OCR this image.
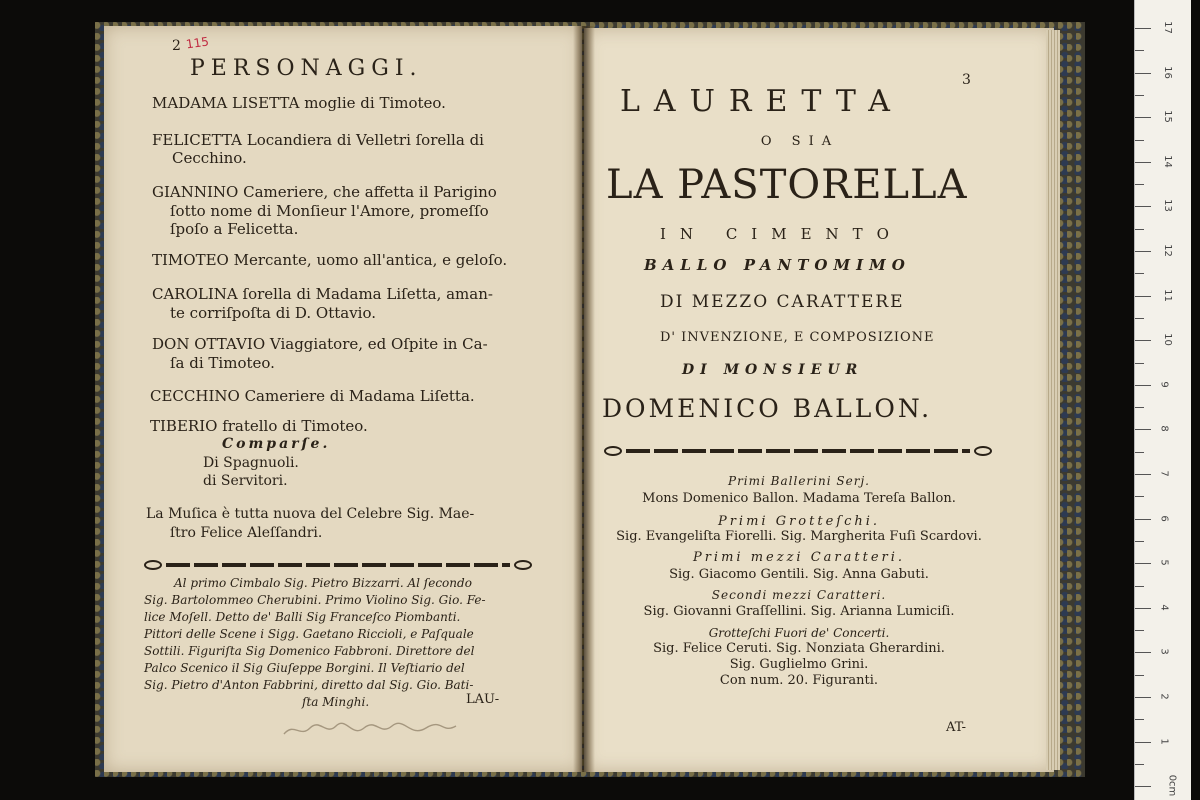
2 115
PERSONAGGI.
MADAMA LISETTA moglie di Timoteo.
FELICETTA Locandiera di Velletri ſorella di
Cecchino.
GIANNINO Cameriere, che affetta il Parigino
ſotto nome di Monſieur l'Amore, promeſſo
ſpoſo a Felicetta.
TIMOTEO Mercante, uomo all'antica, e geloſo.
CAROLINA ſorella di Madama Liſetta, aman-
te corriſpoſta di D. Ottavio.
DON OTTAVIO Viaggiatore, ed Oſpite in Ca-
ſa di Timoteo.
CECCHINO Cameriere di Madama Liſetta.
TIBERIO fratello di Timoteo.
Comparſe.
Di Spagnuoli.
di Servitori.
La Muſica è tutta nuova del Celebre Sig. Mae-
ſtro Felice Aleſſandri.
Al primo Cimbalo Sig. Pietro Bizzarri. Al ſecondo
Sig. Bartolommeo Cherubini. Primo Violino Sig. Gio. Fe-
lice Moſell. Detto de' Balli Sig Franceſco Piombanti.
Pittori delle Scene i Sigg. Gaetano Riccioli, e Paſquale
Sottili. Figuriſta Sig Domenico Fabbroni. Direttore del
Palco Scenico il Sig Giuſeppe Borgini. Il Veſtiario del
Sig. Pietro d'Anton Fabbrini, diretto dal Sig. Gio. Bati-
ſta Minghi.	LAU-
3
LAURETTA
O SIA
LA PASTORELLA
IN CIMENTO
BALLO PANTOMIMO
DI MEZZO CARATTERE
D' INVENZIONE, E COMPOSIZIONE
DI MONSIEUR
DOMENICO BALLON.
Primi Ballerini Serj.
Mons Domenico Ballon. Madama Tereſa Ballon.
Primi Grotteſchi.
Sig. Evangeliſta Fiorelli. Sig. Margherita Fuſi Scardovi.
Primi mezzi Caratteri.
Sig. Giacomo Gentili. Sig. Anna Gabuti.
Secondi mezzi Caratteri.
Sig. Giovanni Graſſellini. Sig. Arianna Lumiciſi.
Grotteſchi Fuori de' Concerti.
Sig. Felice Ceruti. Sig. Nonziata Gherardini.
Sig. Guglielmo Grini.
Con num. 20. Figuranti.
AT-
17
16
15
14
13
12
11
10
9
8
7
6
5
4
3
2
1
0cm
